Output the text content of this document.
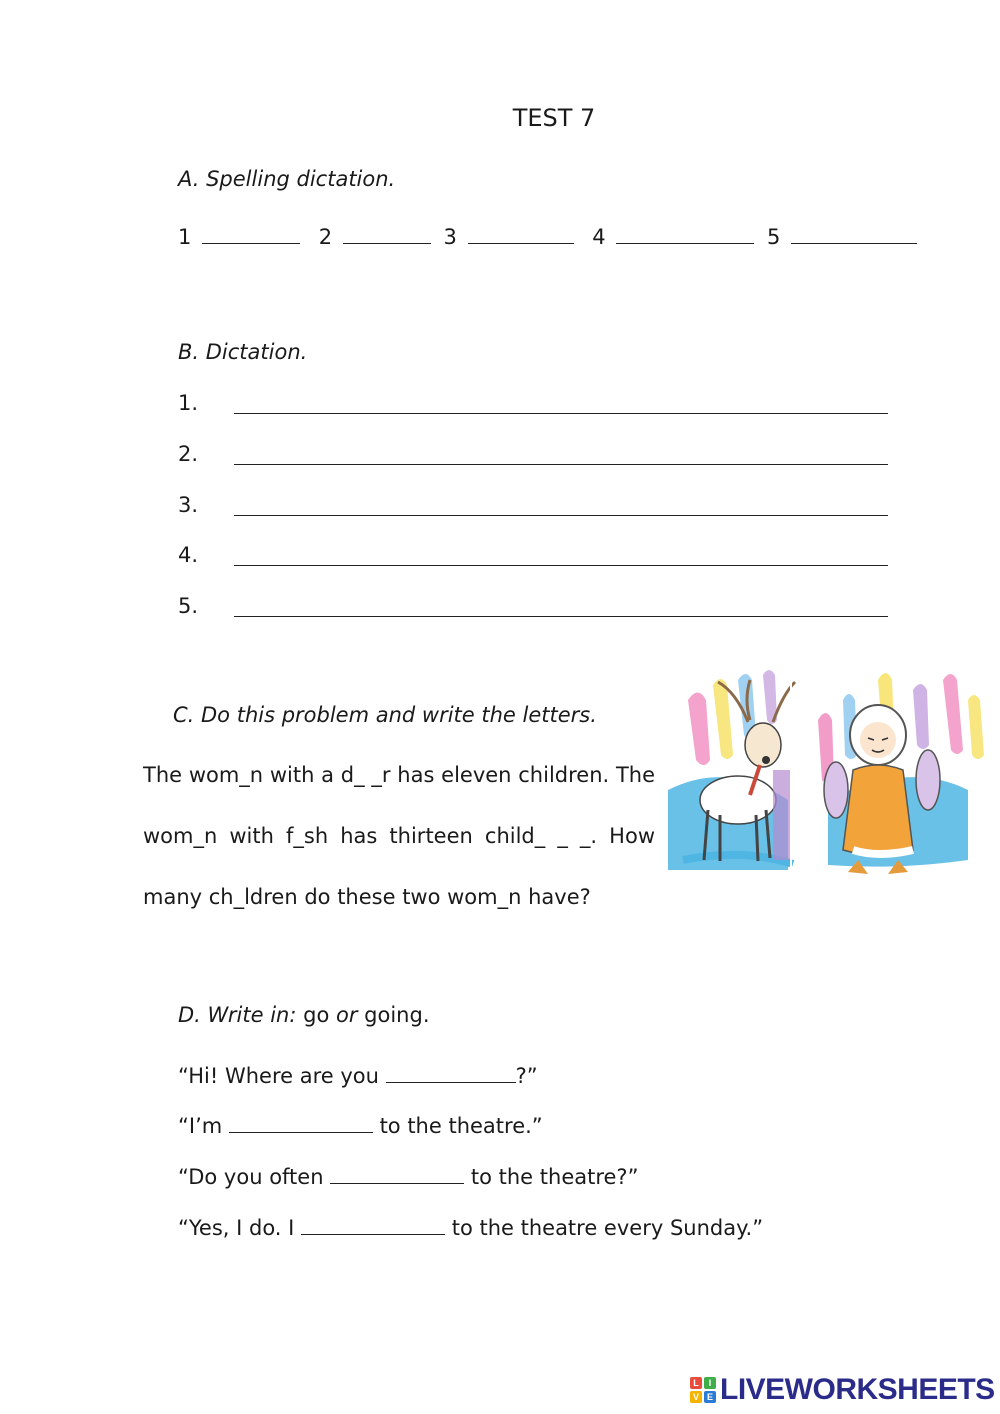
TEST 7
A. Spelling dictation.
1	2	3	4	5
B. Dictation.
1.
2.
3.
4.
5.
C. Do this problem and write the letters.
The wom_n with a d_ _r has eleven children. The wom_n with f_sh has thirteen child_ _ _. How many ch_ldren do these two wom_n have?
D. Write in: go or going.
“Hi! Where are you	?”
“I’m	to the theatre.”
“Do you often	to the theatre?”
“Yes, I do. I	to the theatre every Sunday.”
L	I
V E LIVEWORKSHEETS
